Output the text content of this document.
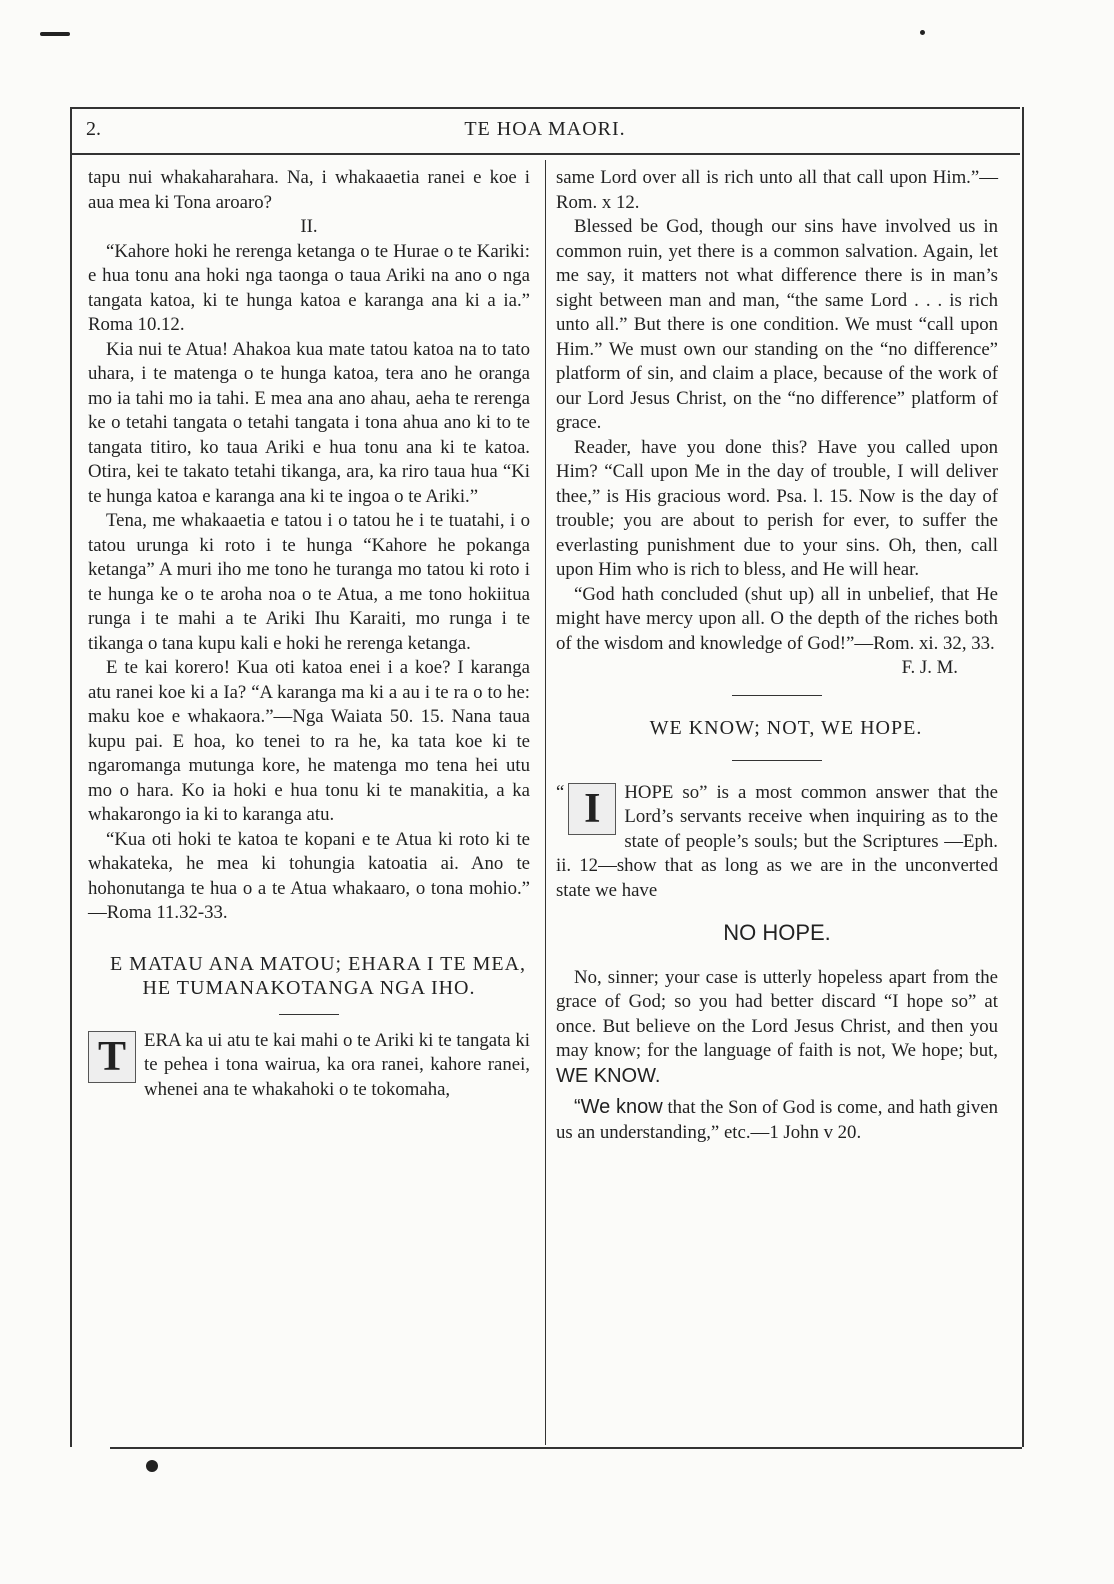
2.	TE HOA MAORI.

tapu nui whakaharahara. Na, i whakaaetia ranei e koe i aua mea ki Tona aroaro?

II.

“Kahore hoki he rerenga ketanga o te Hurae o te Kariki: e hua tonu ana hoki nga taonga o taua Ariki na ano o nga tangata katoa, ki te hunga katoa e karanga ana ki a ia.” Roma 10.12.

Kia nui te Atua! Ahakoa kua mate tatou katoa na to tato uhara, i te matenga o te hunga katoa, tera ano he oranga mo ia tahi mo ia tahi. E mea ana ano ahau, aeha te rerenga ke o tetahi tangata o tetahi tangata i tona ahua ano ki to te tangata titiro, ko taua Ariki e hua tonu ana ki te katoa. Otira, kei te takato tetahi tikanga, ara, ka riro taua hua “Ki te hunga katoa e karanga ana ki te ingoa o te Ariki.”

Tena, me whakaaetia e tatou i o tatou he i te tuatahi, i o tatou urunga ki roto i te hunga “Kahore he pokanga ketanga” A muri iho me tono he turanga mo tatou ki roto i te hunga ke o te aroha noa o te Atua, a me tono hokiitua runga i te mahi a te Ariki Ihu Karaiti, mo runga i te tikanga o tana kupu kali e hoki he rerenga ketanga.

E te kai korero! Kua oti katoa enei i a koe? I karanga atu ranei koe ki a Ia? “A karanga ma ki a au i te ra o to he: maku koe e whakaora.”—Nga Waiata 50. 15. Nana taua kupu pai. E hoa, ko tenei to ra he, ka tata koe ki te ngaromanga mutunga kore, he matenga mo tena hei utu mo o hara. Ko ia hoki e hua tonu ki te manakitia, a ka whakarongo ia ki to karanga atu.

“Kua oti hoki te katoa te kopani e te Atua ki roto ki te whakateka, he mea ki tohungia katoatia ai. Ano te hohonutanga te hua o a te Atua whakaaro, o tona mohio.” —Roma 11.32-33.

E MATAU ANA MATOU; EHARA I TE MEA, HE TUMANAKOTANGA NGA IHO.

T ERA ka ui atu te kai mahi o te Ariki ki te tangata ki te pehea i tona wairua, ka ora ranei, kahore ranei, whenei ana te whakahoki o te tokomaha,

same Lord over all is rich unto all that call upon Him.”—Rom. x 12.

Blessed be God, though our sins have involved us in common ruin, yet there is a common salvation. Again, let me say, it matters not what difference there is in man’s sight between man and man, “the same Lord . . . is rich unto all.” But there is one condition. We must “call upon Him.” We must own our standing on the “no difference” platform of sin, and claim a place, because of the work of our Lord Jesus Christ, on the “no difference” platform of grace.

Reader, have you done this? Have you called upon Him? “Call upon Me in the day of trouble, I will deliver thee,” is His gracious word. Psa. l. 15. Now is the day of trouble; you are about to perish for ever, to suffer the everlasting punishment due to your sins. Oh, then, call upon Him who is rich to bless, and He will hear.

“God hath concluded (shut up) all in unbelief, that He might have mercy upon all. O the depth of the riches both of the wisdom and knowledge of God!”—Rom. xi. 32, 33.

F. J. M.

WE KNOW; NOT, WE HOPE.

“ I	HOPE so” is a most common answer that the Lord’s servants receive when inquiring as to the state of people’s souls; but the Scriptures —Eph. ii. 12—show that as long as we are in the unconverted state we have

NO HOPE.

No, sinner; your case is utterly hopeless apart from the grace of God; so you had better discard “I hope so” at once. But believe on the Lord Jesus Christ, and then you may know; for the language of faith is not, We hope; but, WE KNOW.

“We know that the Son of God is come, and hath given us an understanding,” etc.—1 John v 20.
